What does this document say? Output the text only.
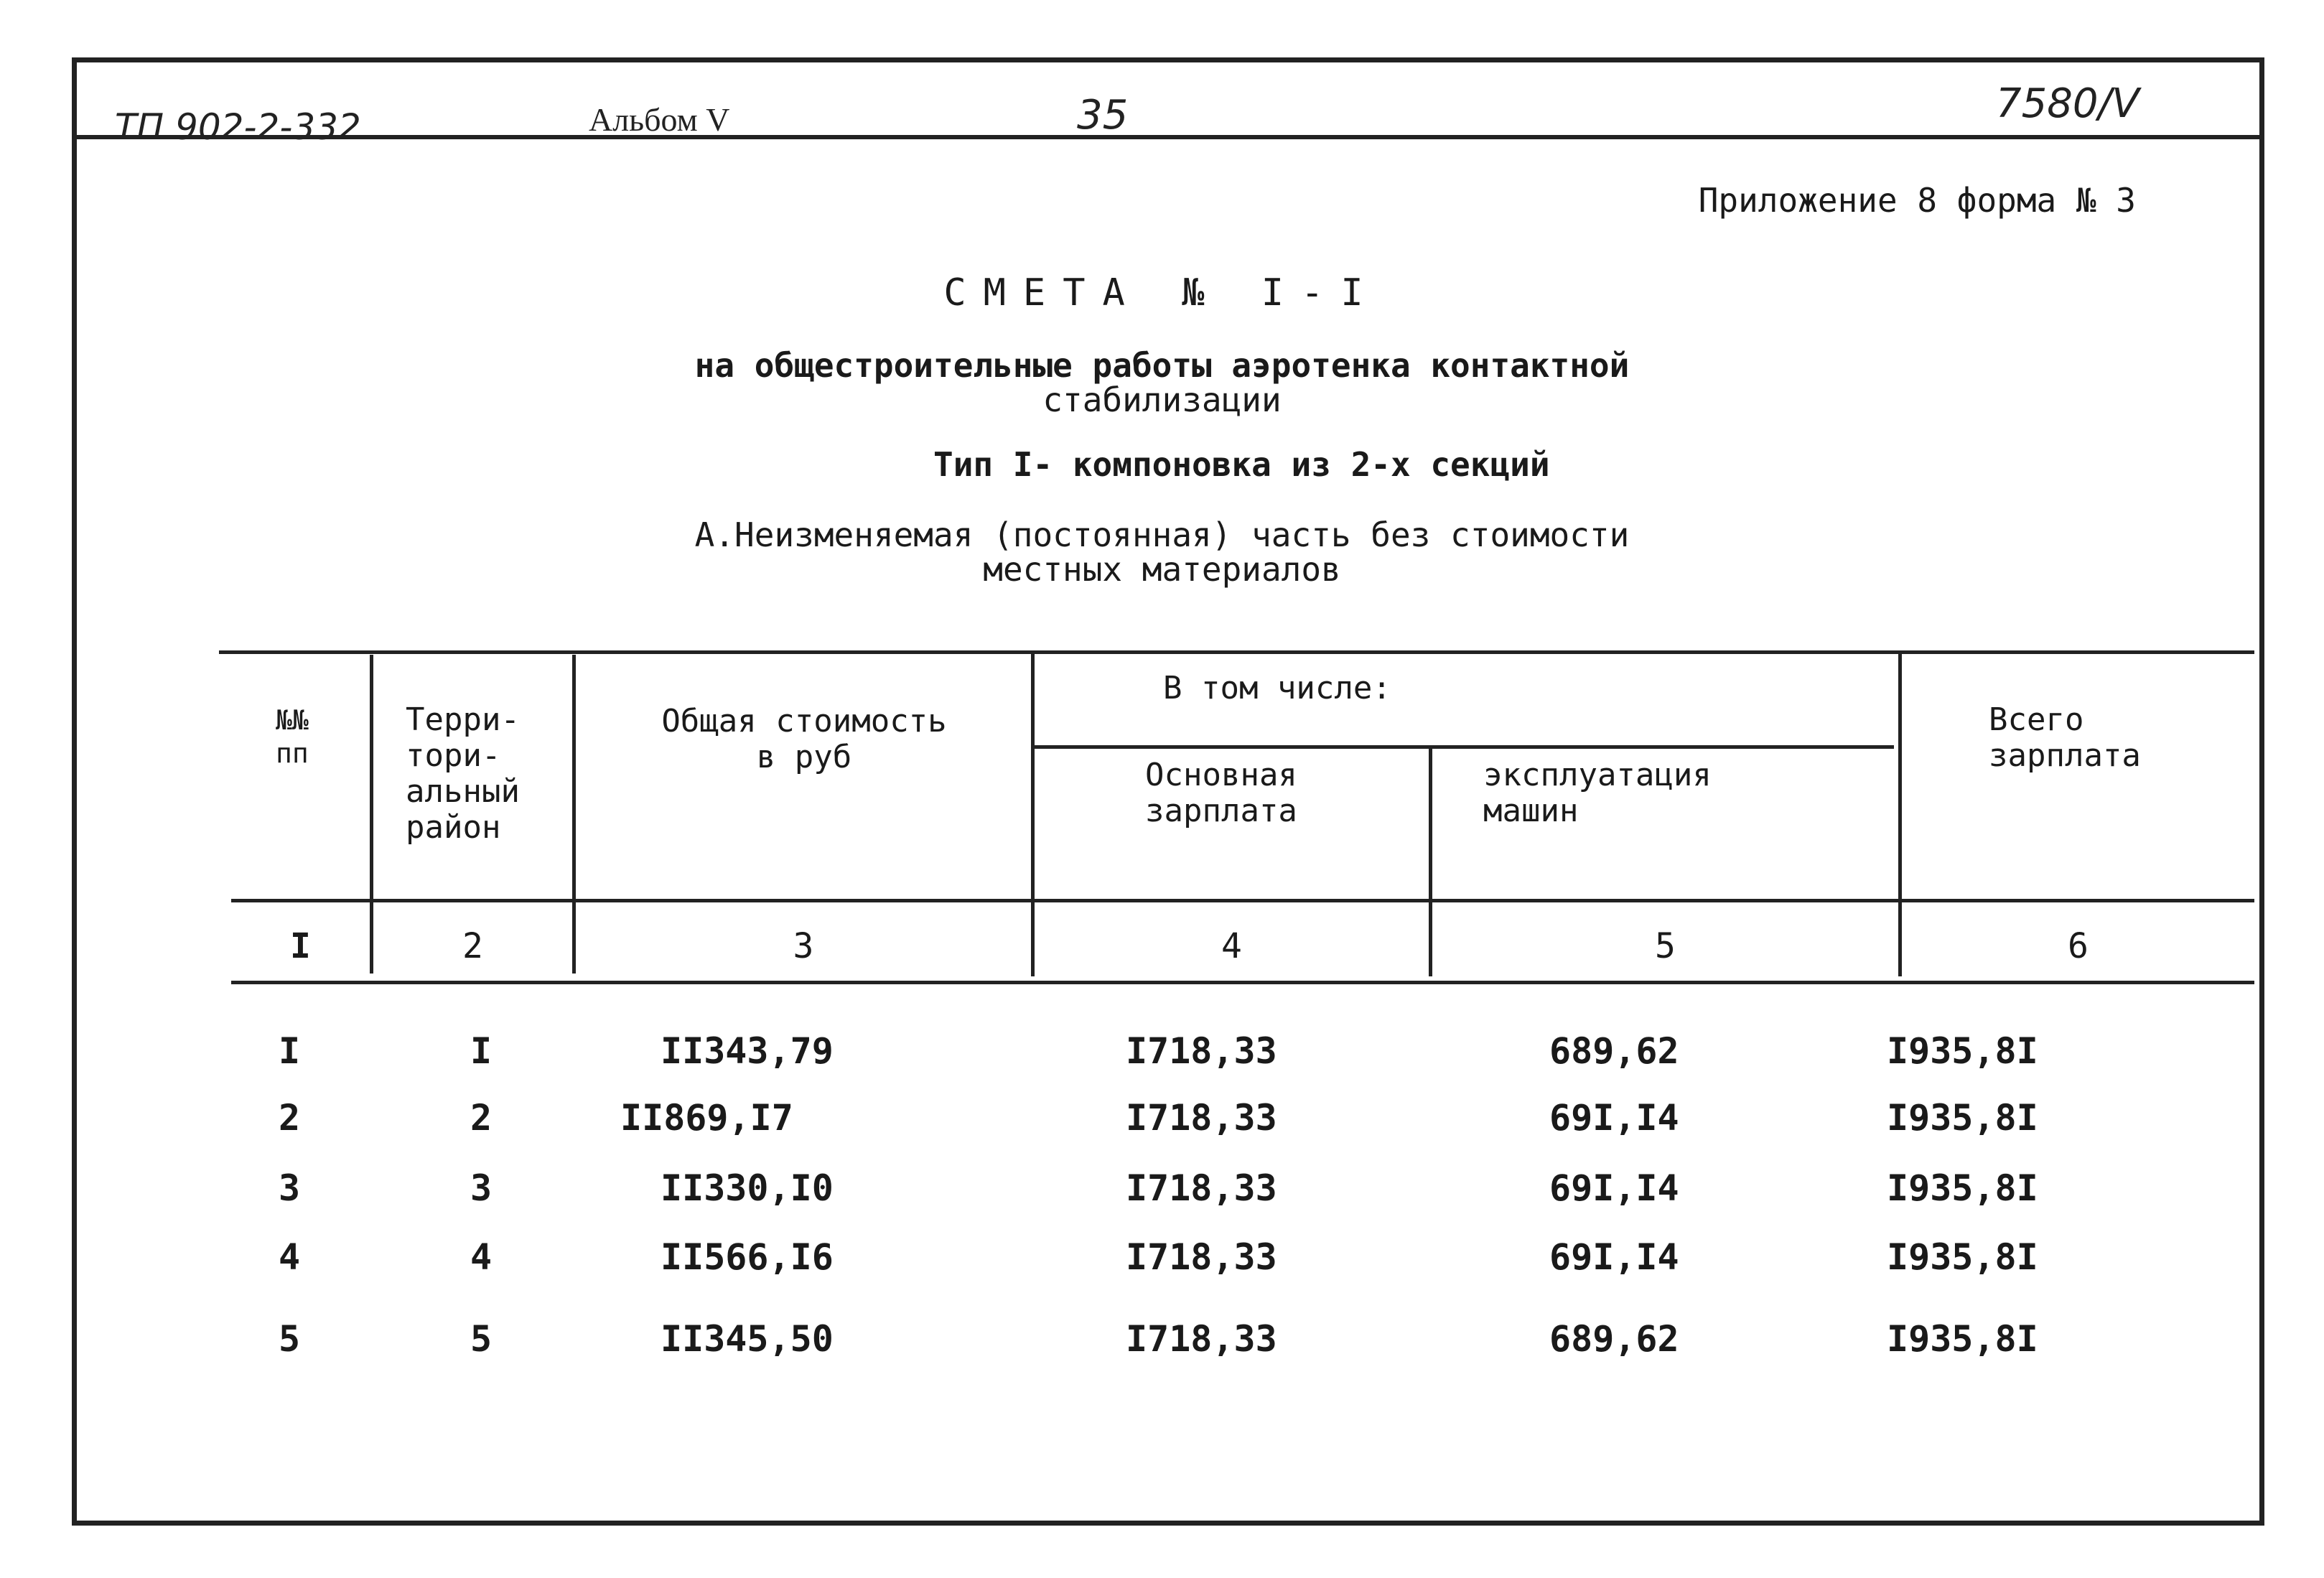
ТП 902-2-332	Альбом V	35	7580/V
Приложение 8 форма № 3
СМЕТА № I-I
на общестроительные работы аэротенка контактной
стабилизации
Тип I- компоновка из 2-х секций
А.Неизменяемая (постоянная) часть без стоимости
местных материалов
№№
пп
Терри-
тори-
альный
район
Общая стоимость
в руб
В том числе:
Основная
зарплата
эксплуатация
машин
Всего
зарплата
I	2	3	4	5	6
I	I	II343,79	I718,33	689,62	I935,8I
2	2	II869,I7	I718,33	69I,I4	I935,8I
3	3	II330,I0	I718,33	69I,I4	I935,8I
4	4	II566,I6	I718,33	69I,I4	I935,8I
5	5	II345,50	I718,33	689,62	I935,8I
